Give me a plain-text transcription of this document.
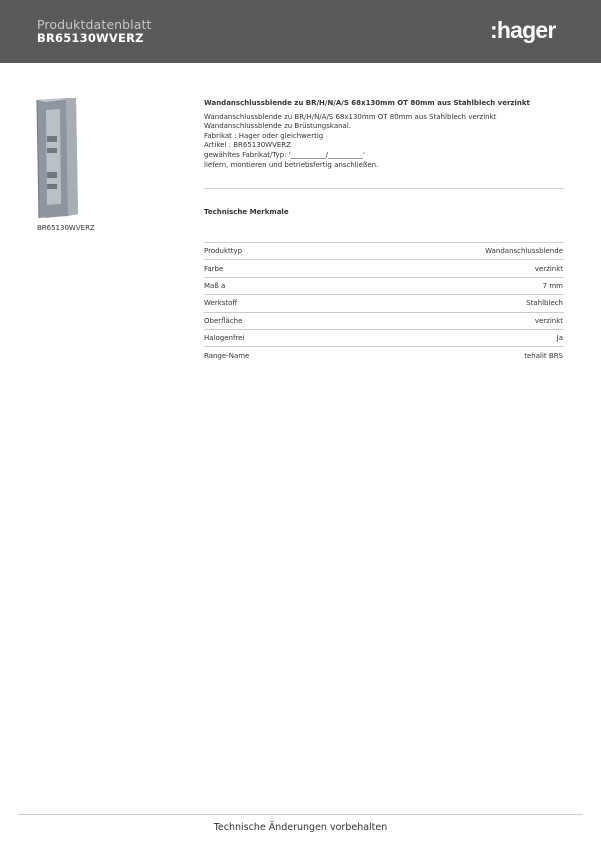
Produktdatenblatt
BR65130WVERZ	:hager
BR65130WVERZ
Wandanschlussblende zu BR/H/N/A/S 68x130mm OT 80mm aus Stahlblech verzinkt
Wandanschlussblende zu BR/H/N/A/S 68x130mm OT 80mm aus Stahlblech verzinkt
Wandanschlussblende zu Brüstungskanal.
Fabrikat : Hager oder gleichwertig
Artikel : BR65130WVERZ
gewähltes Fabrikat/Typ: '__________/__________'
liefern, montieren und betriebsfertig anschließen.
Technische Merkmale
Produkttyp	Wandanschlussblende
Farbe	verzinkt
Maß a	7 mm
Werkstoff	Stahlblech
Oberfläche	verzinkt
Halogenfrei	Ja
Range-Name	tehalit BRS
Technische Änderungen vorbehalten
